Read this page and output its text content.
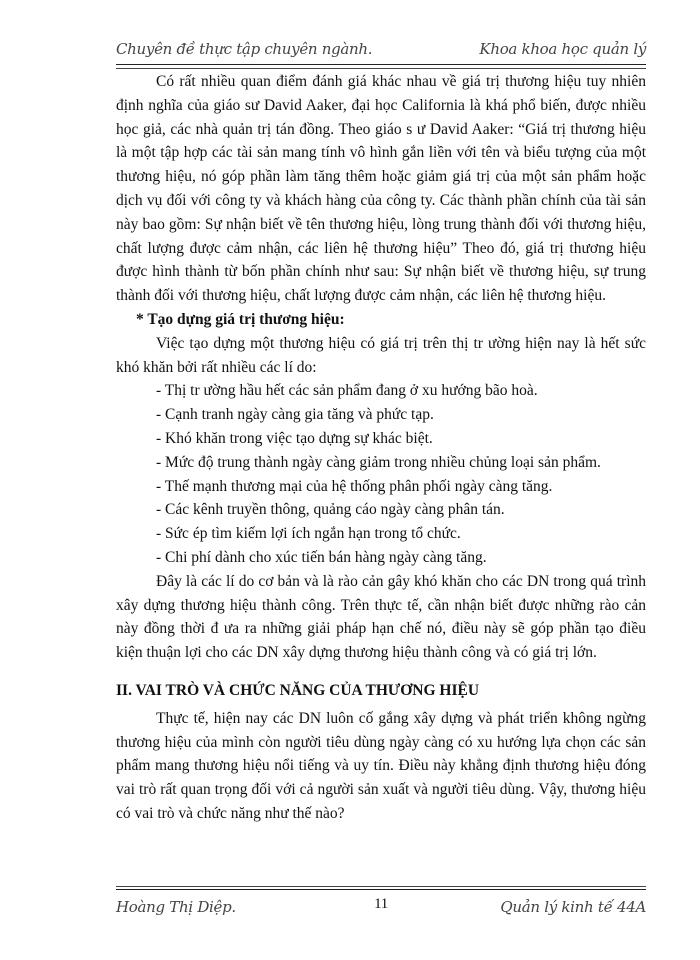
Chuyên đề thực tập chuyên ngành.	Khoa khoa học quản lý

Có rất nhiều quan điểm đánh giá khác nhau về giá trị thương hiệu tuy nhiên định nghĩa của giáo sư David Aaker, đại học California là khá phổ biến, được nhiều học giả, các nhà quản trị tán đồng. Theo giáo s ư David Aaker: “Giá trị thương hiệu là một tập hợp các tài sản mang tính vô hình gắn liền với tên và biểu tượng của một thương hiệu, nó góp phần làm tăng thêm hoặc giảm giá trị của một sản phẩm hoặc dịch vụ đối với công ty và khách hàng của công ty. Các thành phần chính của tài sản này bao gồm: Sự nhận biết về tên thương hiệu, lòng trung thành đối với thương hiệu, chất lượng được cảm nhận, các liên hệ thương hiệu” Theo đó, giá trị thương hiệu được hình thành từ bốn phần chính như sau: Sự nhận biết về thương hiệu, sự trung thành đối với thương hiệu, chất lượng được cảm nhận, các liên hệ thương hiệu.

* Tạo dựng giá trị thương hiệu:

Việc tạo dựng một thương hiệu có giá trị trên thị tr ường hiện nay là hết sức khó khăn bởi rất nhiều các lí do:

- Thị tr ường hầu hết các sản phẩm đang ở xu hướng bão hoà.

- Cạnh tranh ngày càng gia tăng và phức tạp.

- Khó khăn trong việc tạo dựng sự khác biệt.

- Mức độ trung thành ngày càng giảm trong nhiều chủng loại sản phẩm.

- Thế mạnh thương mại của hệ thống phân phối ngày càng tăng.

- Các kênh truyền thông, quảng cáo ngày càng phân tán.

- Sức ép tìm kiếm lợi ích ngắn hạn trong tổ chức.

- Chi phí dành cho xúc tiến bán hàng ngày càng tăng.

Đây là các lí do cơ bản và là rào cản gây khó khăn cho các DN trong quá trình xây dựng thương hiệu thành công. Trên thực tế, cần nhận biết được những rào cản này đồng thời đ ưa ra những giải pháp hạn chế nó, điều này sẽ góp phần tạo điều kiện thuận lợi cho các DN xây dựng thương hiệu thành công và có giá trị lớn.

II. VAI TRÒ VÀ CHỨC NĂNG CỦA THƯƠNG HIỆU

Thực tế, hiện nay các DN luôn cố gắng xây dựng và phát triển không ngừng thương hiệu của mình còn người tiêu dùng ngày càng có xu hướng lựa chọn các sản phẩm mang thương hiệu nổi tiếng và uy tín. Điều này khẳng định thương hiệu đóng vai trò rất quan trọng đối với cả người sản xuất và người tiêu dùng. Vậy, thương hiệu có vai trò và chức năng như thế nào?

Hoàng Thị Diệp.	11	Quản lý kinh tế 44A
